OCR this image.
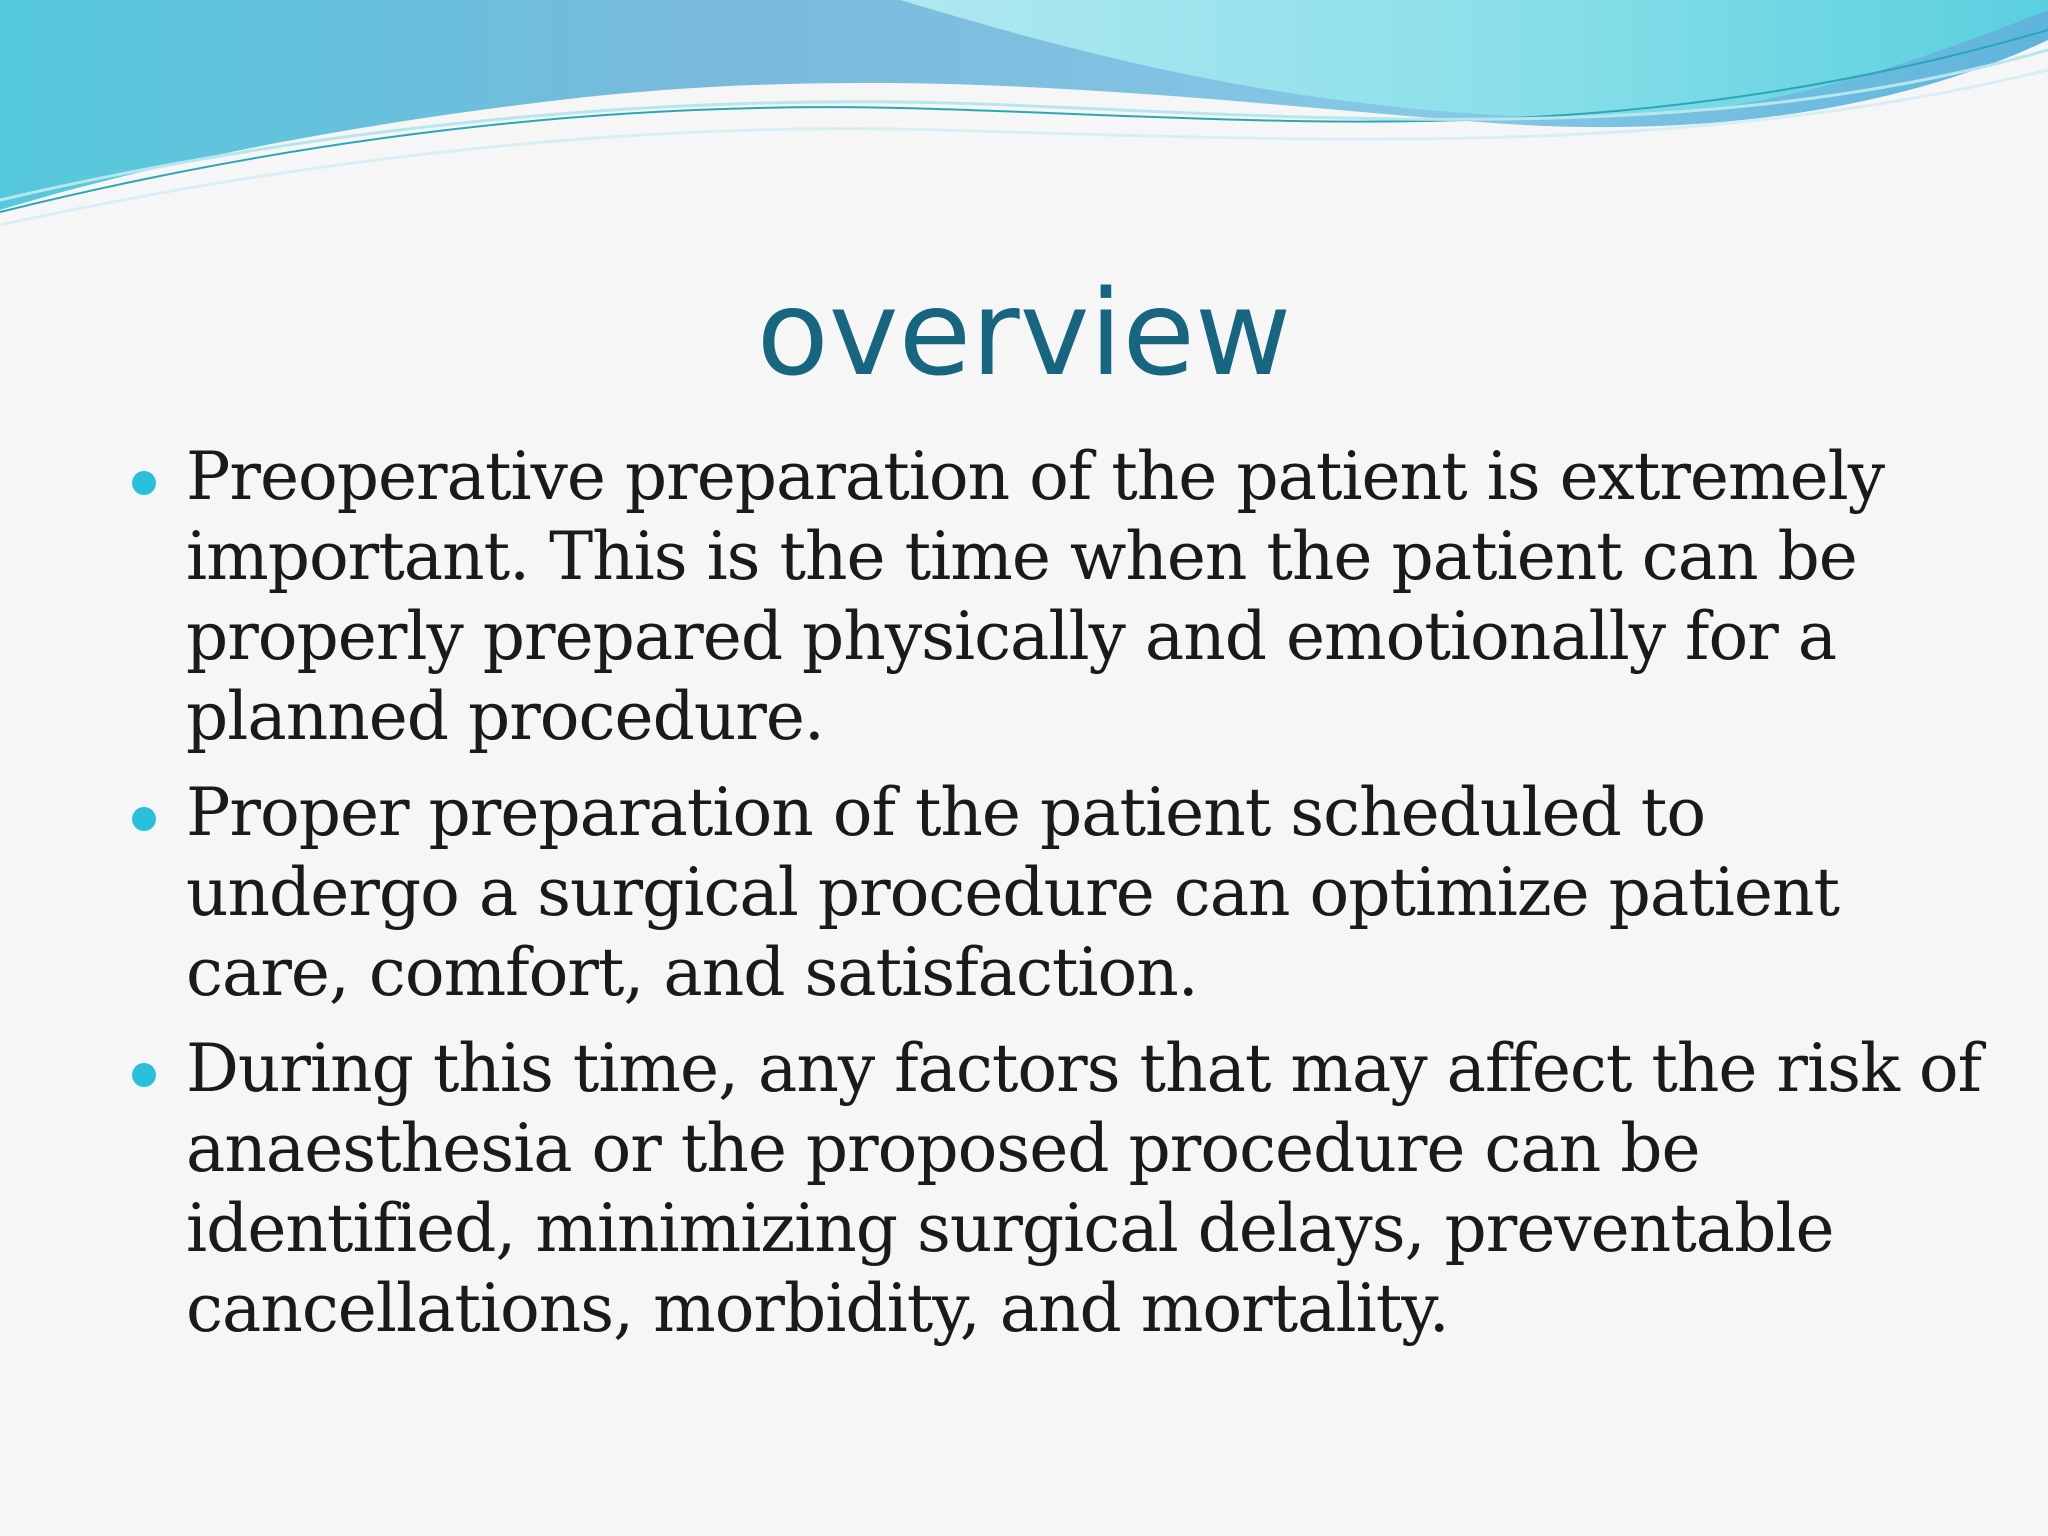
overview
Preoperative preparation of the patient is extremely important. This is the time when the patient can be properly prepared physically and emotionally for a planned procedure.
Proper preparation of the patient scheduled to undergo a surgical procedure can optimize patient care, comfort, and satisfaction.
During this time, any factors that may affect the risk of anaesthesia or the proposed procedure can be identified, minimizing surgical delays, preventable cancellations, morbidity, and mortality.
